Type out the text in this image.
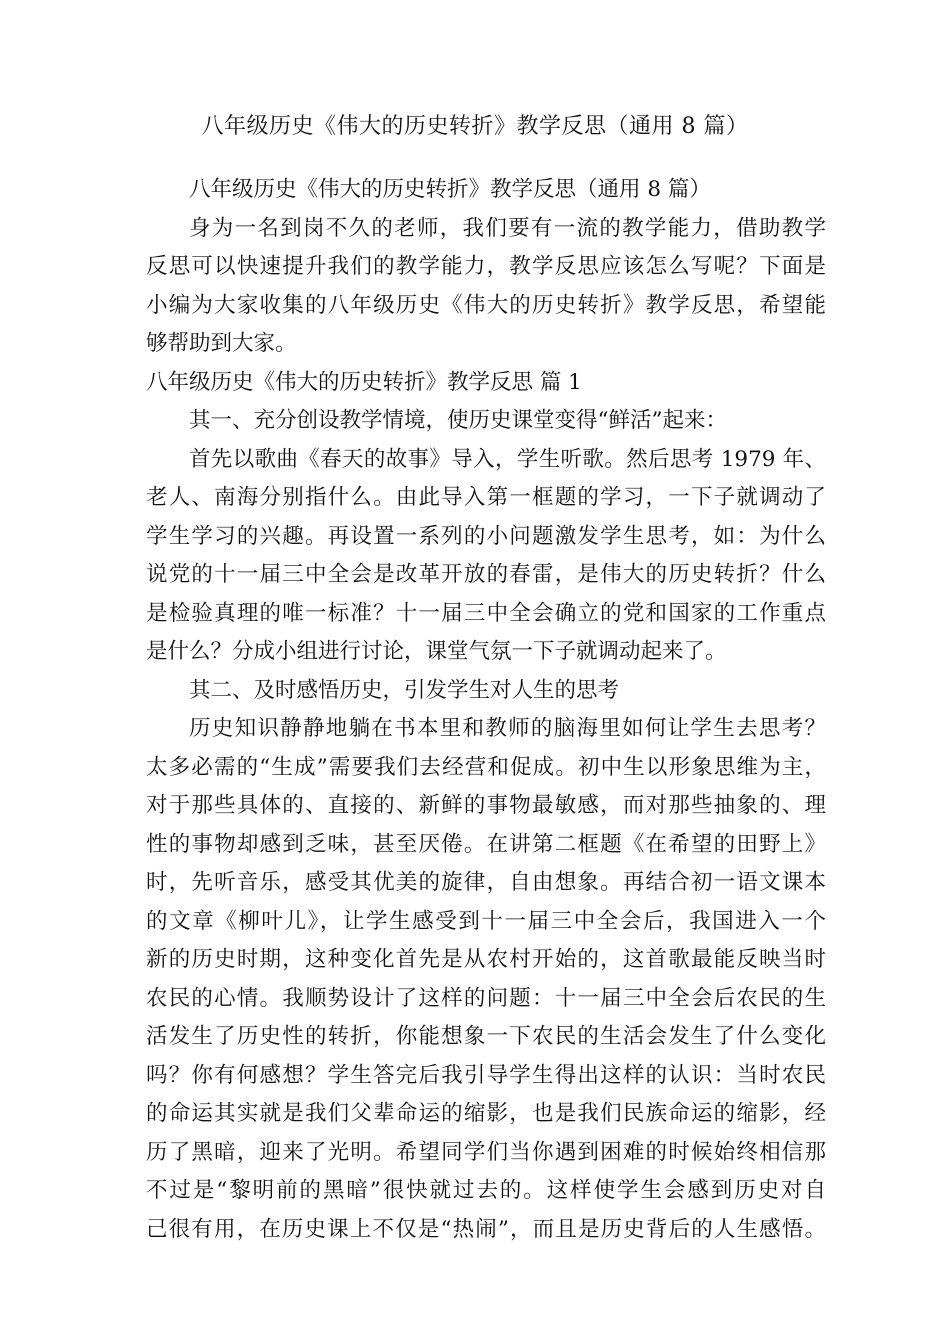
八年级历史《伟大的历史转折》教学反思（通用 8 篇）
八年级历史《伟大的历史转折》教学反思（通用 8 篇）
身为一名到岗不久的老师，我们要有一流的教学能力，借助教学
反思可以快速提升我们的教学能力，教学反思应该怎么写呢？下面是
小编为大家收集的八年级历史《伟大的历史转折》教学反思，希望能
够帮助到大家。
八年级历史《伟大的历史转折》教学反思 篇 1
其一、充分创设教学情境，使历史课堂变得“鲜活”起来：
首先以歌曲《春天的故事》导入，学生听歌。然后思考 1979 年、
老人、南海分别指什么。由此导入第一框题的学习，一下子就调动了
学生学习的兴趣。再设置一系列的小问题激发学生思考，如：为什么
说党的十一届三中全会是改革开放的春雷，是伟大的历史转折？什么
是检验真理的唯一标准？十一届三中全会确立的党和国家的工作重点
是什么？分成小组进行讨论，课堂气氛一下子就调动起来了。
其二、及时感悟历史，引发学生对人生的思考
历史知识静静地躺在书本里和教师的脑海里如何让学生去思考？
太多必需的“生成”需要我们去经营和促成。初中生以形象思维为主，
对于那些具体的、直接的、新鲜的事物最敏感，而对那些抽象的、理
性的事物却感到乏味，甚至厌倦。在讲第二框题《在希望的田野上》
时，先听音乐，感受其优美的旋律，自由想象。再结合初一语文课本
的文章《柳叶儿》，让学生感受到十一届三中全会后，我国进入一个
新的历史时期，这种变化首先是从农村开始的，这首歌最能反映当时
农民的心情。我顺势设计了这样的问题：十一届三中全会后农民的生
活发生了历史性的转折，你能想象一下农民的生活会发生了什么变化
吗？你有何感想？学生答完后我引导学生得出这样的认识：当时农民
的命运其实就是我们父辈命运的缩影，也是我们民族命运的缩影，经
历了黑暗，迎来了光明。希望同学们当你遇到困难的时候始终相信那
不过是“黎明前的黑暗”很快就过去的。这样使学生会感到历史对自
己很有用，在历史课上不仅是“热闹”，而且是历史背后的人生感悟。
